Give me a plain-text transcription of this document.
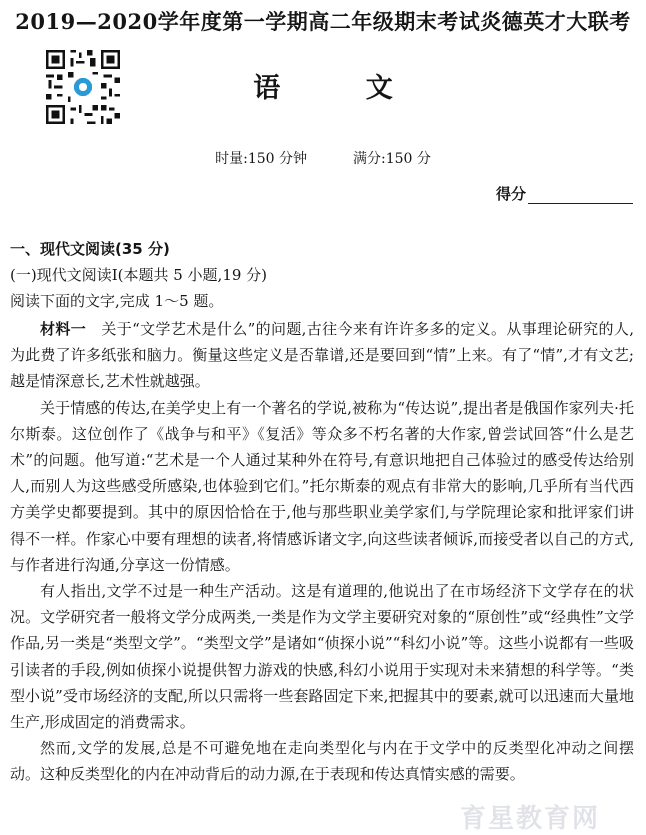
2019—2020学年度第一学期高二年级期末考试炎德英才大联考
语 文
时量:150 分钟	满分:150 分
得分
一、现代文阅读(35 分)
(一)现代文阅读Ⅰ(本题共 5 小题,19 分)
阅读下面的文字,完成 1～5 题。

材料一　 关于“文学艺术是什么”的问题,古往今来有许许多多的定义。从事理论研究的人,为此费了许多纸张和脑力。衡量这些定义是否靠谱,还是要回到“情”上来。有了“情”,才有文艺;越是情深意长,艺术性就越强。

关于情感的传达,在美学史上有一个著名的学说,被称为“传达说”,提出者是俄国作家列夫·托尔斯泰。这位创作了《战争与和平》《复活》等众多不朽名著的大作家,曾尝试回答“什么是艺术”的问题。他写道:“艺术是一个人通过某种外在符号,有意识地把自己体验过的感受传达给别人,而别人为这些感受所感染,也体验到它们。”托尔斯泰的观点有非常大的影响,几乎所有当代西方美学史都要提到。其中的原因恰恰在于,他与那些职业美学家们,与学院理论家和批评家们讲得不一样。作家心中要有理想的读者,将情感诉诸文字,向这些读者倾诉,而接受者以自己的方式,与作者进行沟通,分享这一份情感。

有人指出,文学不过是一种生产活动。这是有道理的,他说出了在市场经济下文学存在的状况。文学研究者一般将文学分成两类,一类是作为文学主要研究对象的“原创性”或“经典性”文学作品,另一类是“类型文学”。“类型文学”是诸如“侦探小说”“科幻小说”等。这些小说都有一些吸引读者的手段,例如侦探小说提供智力游戏的快感,科幻小说用于实现对未来猜想的科学等。“类型小说”受市场经济的支配,所以只需将一些套路固定下来,把握其中的要素,就可以迅速而大量地生产,形成固定的消费需求。

然而,文学的发展,总是不可避免地在走向类型化与内在于文学中的反类型化冲动之间摆动。这种反类型化的内在冲动背后的动力源,在于表现和传达真情实感的需要。

育星教育网
